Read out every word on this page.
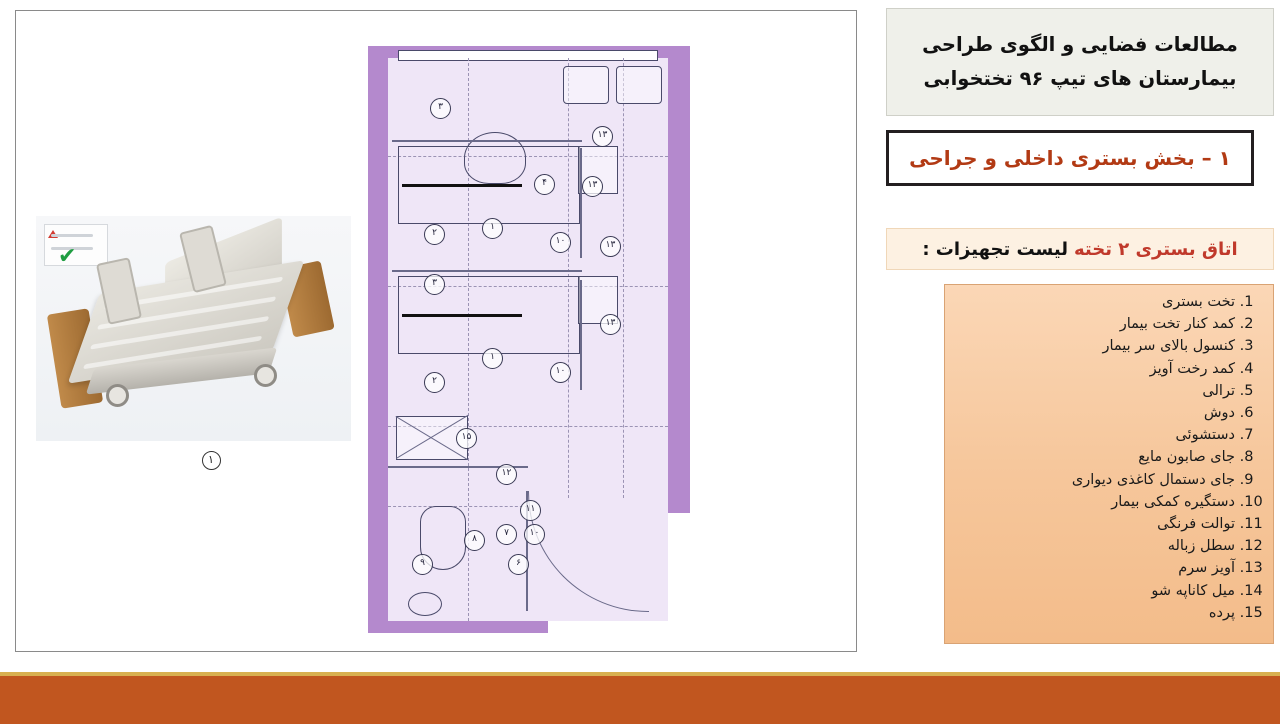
✔
۱
۳
۱۳
۴	۱۳
۲
۱
۱۰	۱۳
۳
۱
۲
۱۰
۱۳
۱۵
۱۲
۱۱
۸
۷	۱۰
۹	۶
مطالعات فضایی و الگوی طراحی
بیمارستان های تیپ ۹۶ تختخوابی
۱ – بخش بستری داخلی و جراحی
اتاق بستری ۲ تخته
لیست تجهیزات :
1. تخت بستری
2. کمد کنار تخت بیمار
3. کنسول بالای سر بیمار
4. کمد رخت آویز
5. ترالی
6. دوش
7. دستشوئی
8. جای صابون مایع
9. جای دستمال کاغذی دیواری
10. دستگیره کمکی بیمار
11. توالت فرنگی
12. سطل زباله
13. آویز سرم
14. میل کاناپه شو
15. پرده
